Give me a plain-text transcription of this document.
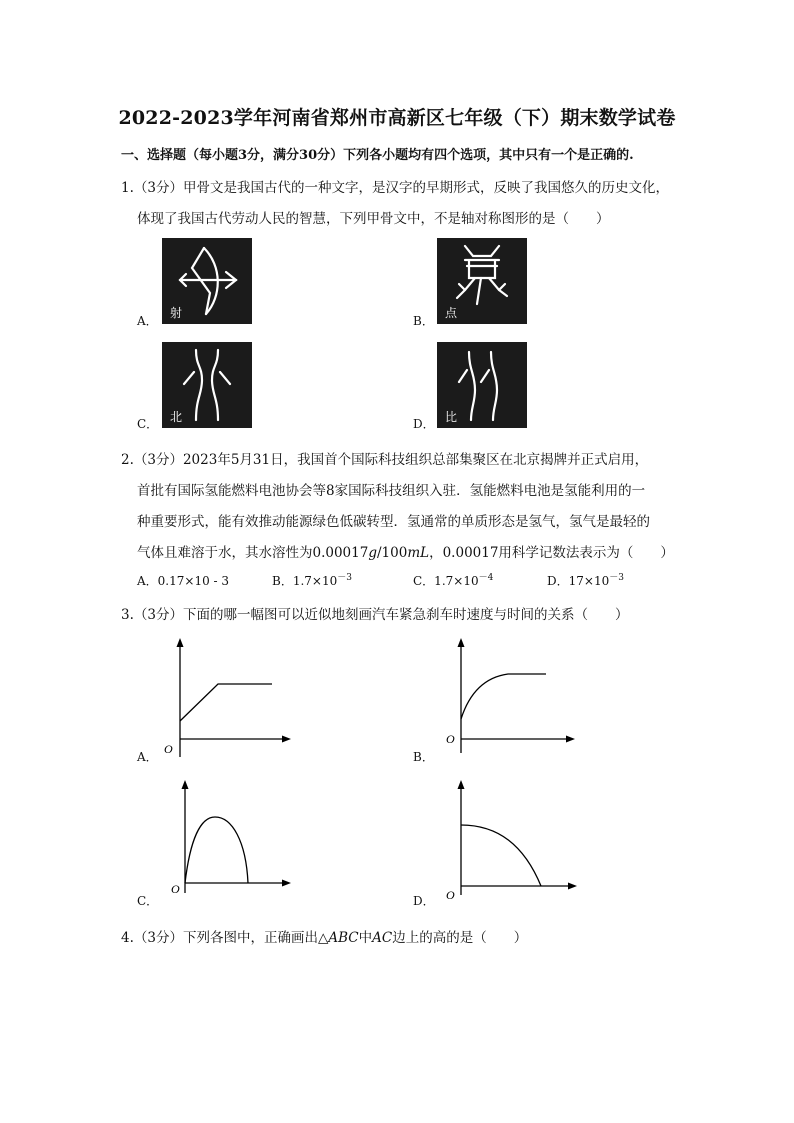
2022-2023学年河南省郑州市高新区七年级（下）期末数学试卷
一、选择题（每小题3分，满分30分）下列各小题均有四个选项，其中只有一个是正确的.
1.（3分）甲骨文是我国古代的一种文字，是汉字的早期形式，反映了我国悠久的历史文化，
体现了我国古代劳动人民的智慧，下列甲骨文中，不是轴对称图形的是（　　）
A．
射
B．
点
C． 北	D． 比
2.（3分）2023年5月31日，我国首个国际科技组织总部集聚区在北京揭牌并正式启用，
首批有国际氢能燃料电池协会等8家国际科技组织入驻．氢能燃料电池是氢能利用的一
种重要形式，能有效推动能源绿色低碳转型．氢通常的单质形态是氢气，氢气是最轻的
气体且难溶于水，其水溶性为0.00017g/100mL，0.00017用科学记数法表示为（　　）
A．0.17×10 - 3	B．$1.7\times 10^{-3}$	C．$1.7\times 10^{-4}$	D．$17\times 10^{-3}$
3.（3分）下面的哪一幅图可以近似地刻画汽车紧急刹车时速度与时间的关系（　　）
A．
O
B．
O
C．
O
D． O
4.（3分）下列各图中，正确画出△ABC中AC边上的高的是（　　）
